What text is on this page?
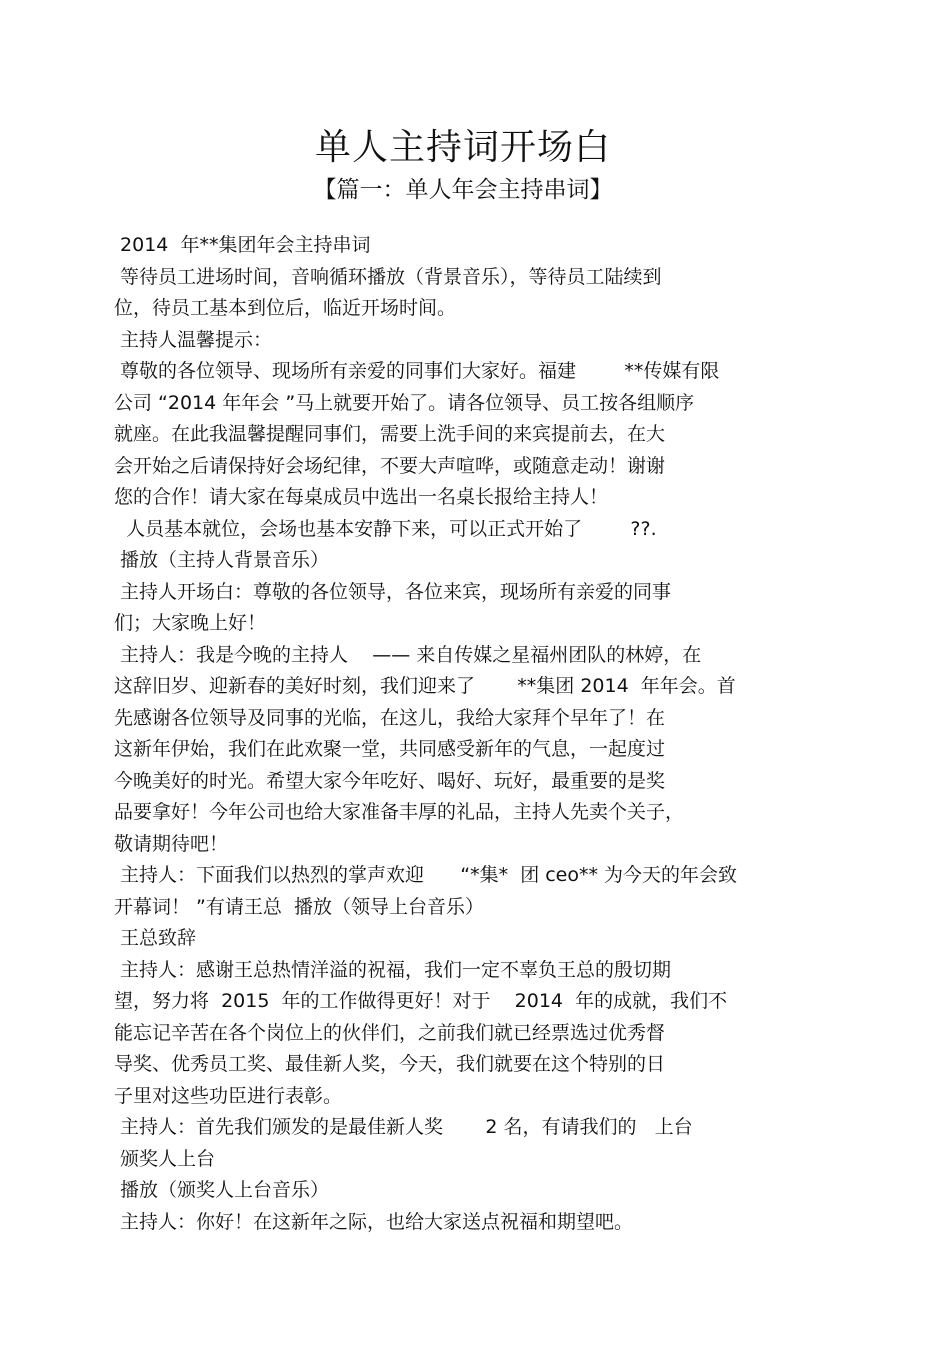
单人主持词开场白
【篇一：单人年会主持串词】
2014  年**集团年会主持串词
等待员工进场时间，音响循环播放（背景音乐），等待员工陆续到
位，待员工基本到位后，临近开场时间。
主持人温馨提示：
尊敬的各位领导、现场所有亲爱的同事们大家好。福建        **传媒有限
公司 “2014 年年会 ”马上就要开始了。请各位领导、员工按各组顺序
就座。在此我温馨提醒同事们，需要上洗手间的来宾提前去，在大
会开始之后请保持好会场纪律，不要大声喧哗，或随意走动！谢谢
您的合作！请大家在每桌成员中选出一名桌长报给主持人！
人员基本就位，会场也基本安静下来，可以正式开始了        ??.
播放（主持人背景音乐）
主持人开场白：尊敬的各位领导，各位来宾，现场所有亲爱的同事
们；大家晚上好！
主持人：我是今晚的主持人    —— 来自传媒之星福州团队的林婷，在
这辞旧岁、迎新春的美好时刻，我们迎来了       **集团 2014  年年会。首
先感谢各位领导及同事的光临，在这儿，我给大家拜个早年了！在
这新年伊始，我们在此欢聚一堂，共同感受新年的气息，一起度过
今晚美好的时光。希望大家今年吃好、喝好、玩好，最重要的是奖
品要拿好！今年公司也给大家准备丰厚的礼品，主持人先卖个关子，
敬请期待吧！
主持人：下面我们以热烈的掌声欢迎      “*集*  团 ceo** 为今天的年会致
开幕词！ ”有请王总  播放（领导上台音乐）
王总致辞
主持人：感谢王总热情洋溢的祝福，我们一定不辜负王总的殷切期
望，努力将  2015  年的工作做得更好！对于    2014  年的成就，我们不
能忘记辛苦在各个岗位上的伙伴们，之前我们就已经票选过优秀督
导奖、优秀员工奖、最佳新人奖，今天，我们就要在这个特别的日
子里对这些功臣进行表彰。
主持人：首先我们颁发的是最佳新人奖       2 名，有请我们的   上台
颁奖人上台
播放（颁奖人上台音乐）
主持人：你好！在这新年之际，也给大家送点祝福和期望吧。
